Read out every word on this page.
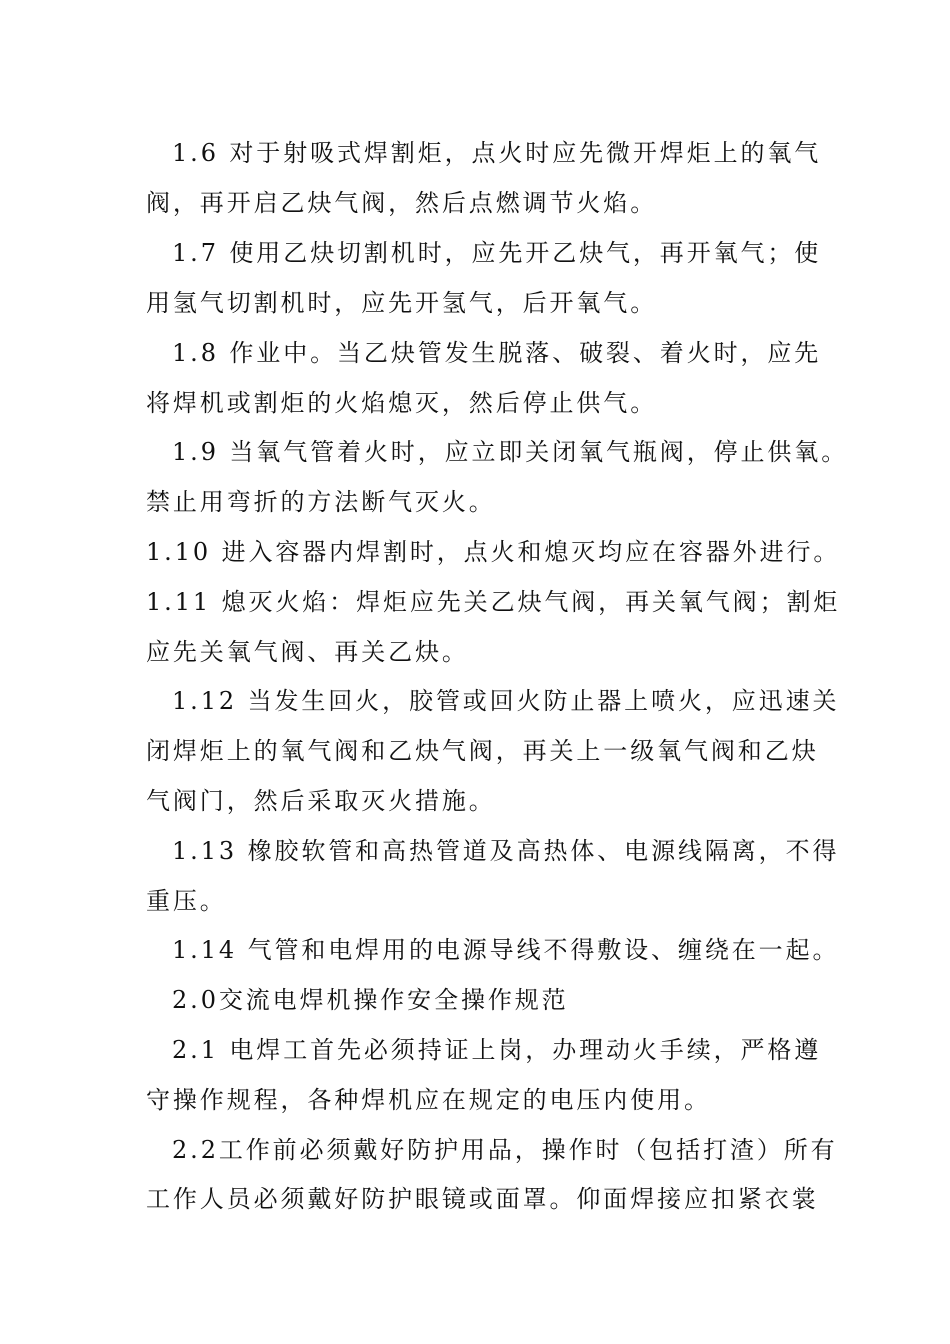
1.6 对于射吸式焊割炬，点火时应先微开焊炬上的氧气
阀，再开启乙炔气阀，然后点燃调节火焰。
1.7 使用乙炔切割机时，应先开乙炔气，再开氧气；使
用氢气切割机时，应先开氢气，后开氧气。
1.8 作业中。当乙炔管发生脱落、破裂、着火时，应先
将焊机或割炬的火焰熄灭，然后停止供气。
1.9 当氧气管着火时，应立即关闭氧气瓶阀，停止供氧。
禁止用弯折的方法断气灭火。
1.10 进入容器内焊割时，点火和熄灭均应在容器外进行。
1.11 熄灭火焰：焊炬应先关乙炔气阀，再关氧气阀；割炬
应先关氧气阀、再关乙炔。
1.12 当发生回火，胶管或回火防止器上喷火，应迅速关
闭焊炬上的氧气阀和乙炔气阀，再关上一级氧气阀和乙炔
气阀门，然后采取灭火措施。
1.13 橡胶软管和高热管道及高热体、电源线隔离，不得
重压。
1.14 气管和电焊用的电源导线不得敷设、缠绕在一起。
2.0交流电焊机操作安全操作规范
2.1 电焊工首先必须持证上岗，办理动火手续，严格遵
守操作规程，各种焊机应在规定的电压内使用。
2.2工作前必须戴好防护用品，操作时（包括打渣）所有
工作人员必须戴好防护眼镜或面罩。仰面焊接应扣紧衣裳
